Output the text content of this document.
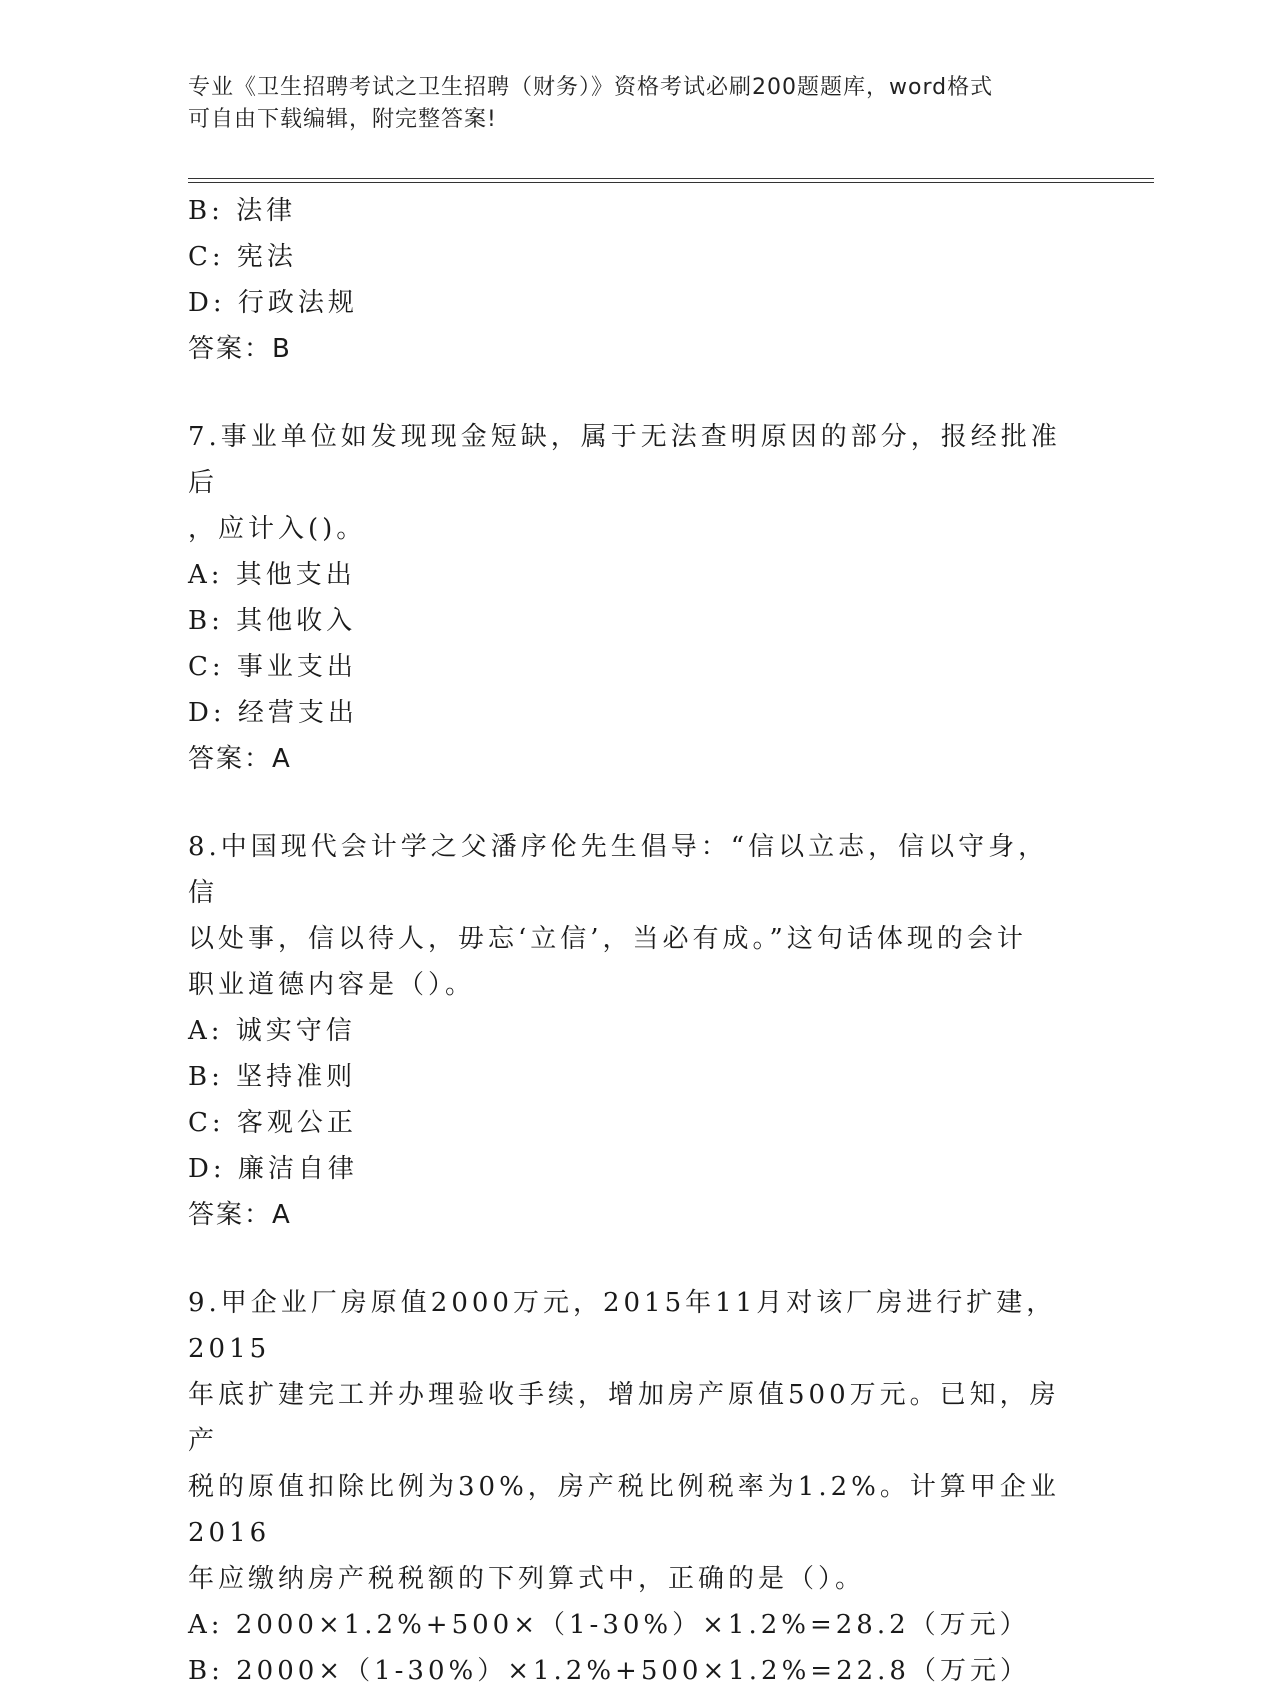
专业《卫生招聘考试之卫生招聘（财务）》资格考试必刷200题题库，word格式
可自由下载编辑，附完整答案!
B: 法律
C: 宪法
D: 行政法规
答案：B
7.事业单位如发现现金短缺，属于无法查明原因的部分，报经批准后
，应计入()。
A: 其他支出
B: 其他收入
C: 事业支出
D: 经营支出
答案：A
8.中国现代会计学之父潘序伦先生倡导：“信以立志，信以守身，信
以处事，信以待人，毋忘‘立信’，当必有成。”这句话体现的会计
职业道德内容是（）。
A: 诚实守信
B: 坚持准则
C: 客观公正
D: 廉洁自律
答案：A
9.甲企业厂房原值2000万元，2015年11月对该厂房进行扩建，2015
年底扩建完工并办理验收手续，增加房产原值500万元。已知，房产
税的原值扣除比例为30%，房产税比例税率为1.2%。计算甲企业2016
年应缴纳房产税税额的下列算式中，正确的是（）。
A: 2000×1.2%+500×（1-30%）×1.2%=28.2（万元）
B: 2000×（1-30%）×1.2%+500×1.2%=22.8（万元）
